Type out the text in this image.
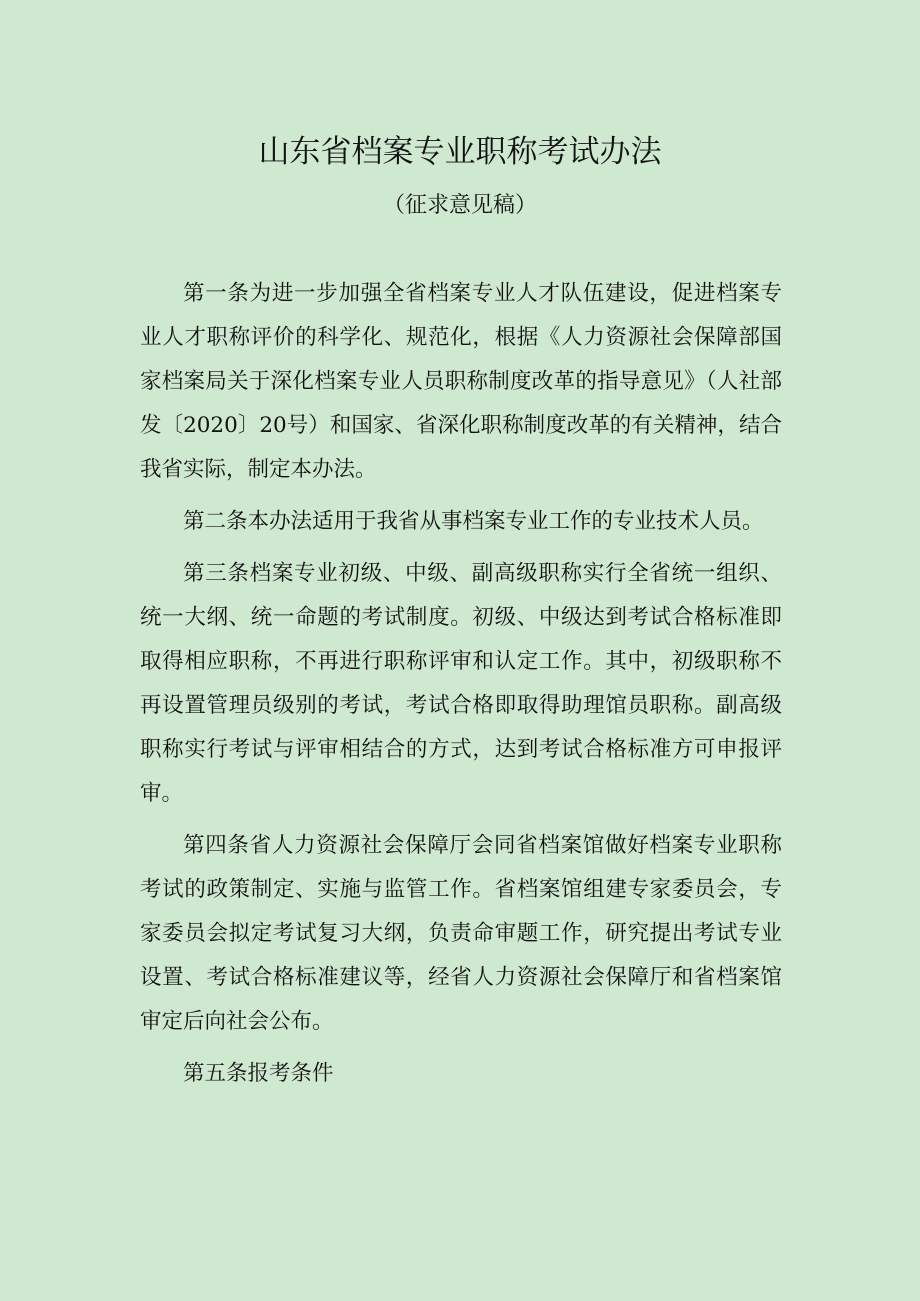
山东省档案专业职称考试办法
（征求意见稿）

第一条为进一步加强全省档案专业人才队伍建设，促进档案专业人才职称评价的科学化、规范化，根据《人力资源社会保障部国家档案局关于深化档案专业人员职称制度改革的指导意见》（人社部发〔2020〕20号）和国家、省深化职称制度改革的有关精神，结合我省实际，制定本办法。

第二条本办法适用于我省从事档案专业工作的专业技术人员。

第三条档案专业初级、中级、副高级职称实行全省统一组织、统一大纲、统一命题的考试制度。初级、中级达到考试合格标准即取得相应职称，不再进行职称评审和认定工作。其中，初级职称不再设置管理员级别的考试，考试合格即取得助理馆员职称。副高级职称实行考试与评审相结合的方式，达到考试合格标准方可申报评审。

第四条省人力资源社会保障厅会同省档案馆做好档案专业职称考试的政策制定、实施与监管工作。省档案馆组建专家委员会，专家委员会拟定考试复习大纲，负责命审题工作，研究提出考试专业设置、考试合格标准建议等，经省人力资源社会保障厅和省档案馆审定后向社会公布。

第五条报考条件
